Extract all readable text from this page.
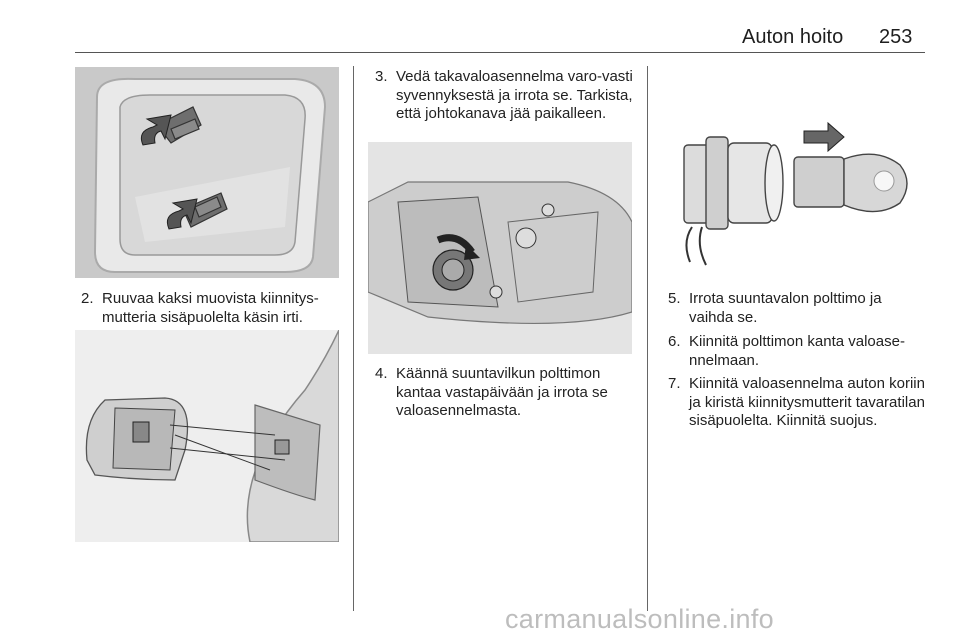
Auton hoito 253
2. Ruuvaa kaksi muovista kiinnitys-mutteria sisäpuolelta käsin irti.
3. Vedä takavaloasennelma varo-vasti syvennyksestä ja irrota se. Tarkista, että johtokanava jää paikalleen.
4. Käännä suuntavilkun polttimon kantaa vastapäivään ja irrota se valoasennelmasta.
5. Irrota suuntavalon polttimo ja vaihda se.
6. Kiinnitä polttimon kanta valoase-nnelmaan.
7. Kiinnitä valoasennelma auton koriin ja kiristä kiinnitysmutterit tavaratilan sisäpuolelta. Kiinnitä suojus.
carmanualsonline.info
